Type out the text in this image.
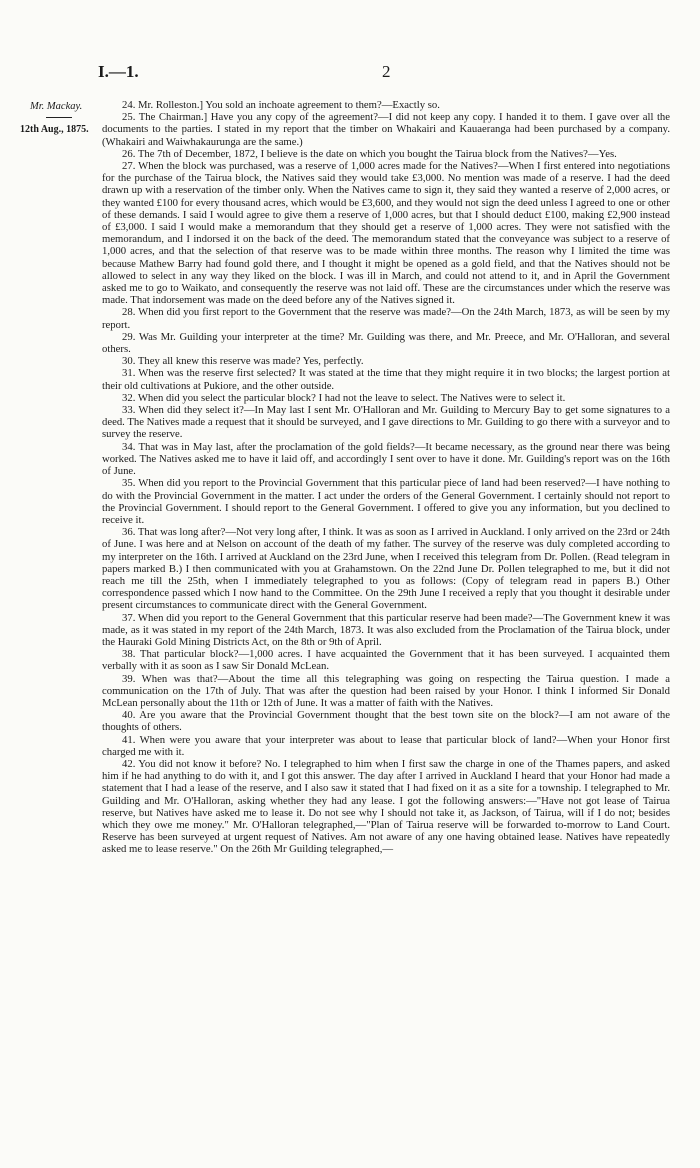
I.—1.	2
Mr. Mackay.
12th Aug., 1875.

24. Mr. Rolleston.] You sold an inchoate agreement to them?—Exactly so.

25. The Chairman.] Have you any copy of the agreement?—I did not keep any copy. I handed it to them. I gave over all the documents to the parties. I stated in my report that the timber on Whakairi and Kauaeranga had been purchased by a company. (Whakairi and Waiwhakaurunga are the same.)

26. The 7th of December, 1872, I believe is the date on which you bought the Tairua block from the Natives?—Yes.

27. When the block was purchased, was a reserve of 1,000 acres made for the Natives?—When I first entered into negotiations for the purchase of the Tairua block, the Natives said they would take £3,000. No mention was made of a reserve. I had the deed drawn up with a reservation of the timber only. When the Natives came to sign it, they said they wanted a reserve of 2,000 acres, or they wanted £100 for every thousand acres, which would be £3,600, and they would not sign the deed unless I agreed to one or other of these demands. I said I would agree to give them a reserve of 1,000 acres, but that I should deduct £100, making £2,900 instead of £3,000. I said I would make a memorandum that they should get a reserve of 1,000 acres. They were not satisfied with the memorandum, and I indorsed it on the back of the deed. The memorandum stated that the conveyance was subject to a reserve of 1,000 acres, and that the selection of that reserve was to be made within three months. The reason why I limited the time was because Mathew Barry had found gold there, and I thought it might be opened as a gold field, and that the Natives should not be allowed to select in any way they liked on the block. I was ill in March, and could not attend to it, and in April the Government asked me to go to Waikato, and consequently the reserve was not laid off. These are the circumstances under which the reserve was made. That indorsement was made on the deed before any of the Natives signed it.

28. When did you first report to the Government that the reserve was made?—On the 24th March, 1873, as will be seen by my report.

29. Was Mr. Guilding your interpreter at the time? Mr. Guilding was there, and Mr. Preece, and Mr. O'Halloran, and several others.

30. They all knew this reserve was made? Yes, perfectly.

31. When was the reserve first selected? It was stated at the time that they might require it in two blocks; the largest portion at their old cultivations at Pukiore, and the other outside.

32. When did you select the particular block? I had not the leave to select. The Natives were to select it.

33. When did they select it?—In May last I sent Mr. O'Halloran and Mr. Guilding to Mercury Bay to get some signatures to a deed. The Natives made a request that it should be surveyed, and I gave directions to Mr. Guilding to go there with a surveyor and to survey the reserve.

34. That was in May last, after the proclamation of the gold fields?—It became necessary, as the ground near there was being worked. The Natives asked me to have it laid off, and accordingly I sent over to have it done. Mr. Guilding's report was on the 16th of June.

35. When did you report to the Provincial Government that this particular piece of land had been reserved?—I have nothing to do with the Provincial Government in the matter. I act under the orders of the General Government. I certainly should not report to the Provincial Government. I should report to the General Government. I offered to give you any information, but you declined to receive it.

36. That was long after?—Not very long after, I think. It was as soon as I arrived in Auckland. I only arrived on the 23rd or 24th of June. I was here and at Nelson on account of the death of my father. The survey of the reserve was duly completed according to my interpreter on the 16th. I arrived at Auckland on the 23rd June, when I received this telegram from Dr. Pollen. (Read telegram in papers marked B.) I then communicated with you at Grahamstown. On the 22nd June Dr. Pollen telegraphed to me, but it did not reach me till the 25th, when I immediately telegraphed to you as follows: (Copy of telegram read in papers B.) Other correspondence passed which I now hand to the Committee. On the 29th June I received a reply that you thought it desirable under present circumstances to communicate direct with the General Government.

37. When did you report to the General Government that this particular reserve had been made?—The Government knew it was made, as it was stated in my report of the 24th March, 1873. It was also excluded from the Proclamation of the Tairua block, under the Hauraki Gold Mining Districts Act, on the 8th or 9th of April.

38. That particular block?—1,000 acres. I have acquainted the Government that it has been surveyed. I acquainted them verbally with it as soon as I saw Sir Donald McLean.

39. When was that?—About the time all this telegraphing was going on respecting the Tairua question. I made a communication on the 17th of July. That was after the question had been raised by your Honor. I think I informed Sir Donald McLean personally about the 11th or 12th of June. It was a matter of faith with the Natives.

40. Are you aware that the Provincial Government thought that the best town site on the block?—I am not aware of the thoughts of others.

41. When were you aware that your interpreter was about to lease that particular block of land?—When your Honor first charged me with it.

42. You did not know it before? No. I telegraphed to him when I first saw the charge in one of the Thames papers, and asked him if he had anything to do with it, and I got this answer. The day after I arrived in Auckland I heard that your Honor had made a statement that I had a lease of the reserve, and I also saw it stated that I had fixed on it as a site for a township. I telegraphed to Mr. Guilding and Mr. O'Halloran, asking whether they had any lease. I got the following answers:—"Have not got lease of Tairua reserve, but Natives have asked me to lease it. Do not see why I should not take it, as Jackson, of Tairua, will if I do not; besides which they owe me money." Mr. O'Halloran telegraphed,—"Plan of Tairua reserve will be forwarded to-morrow to Land Court. Reserve has been surveyed at urgent request of Natives. Am not aware of any one having obtained lease. Natives have repeatedly asked me to lease reserve." On the 26th Mr Guilding telegraphed,—
